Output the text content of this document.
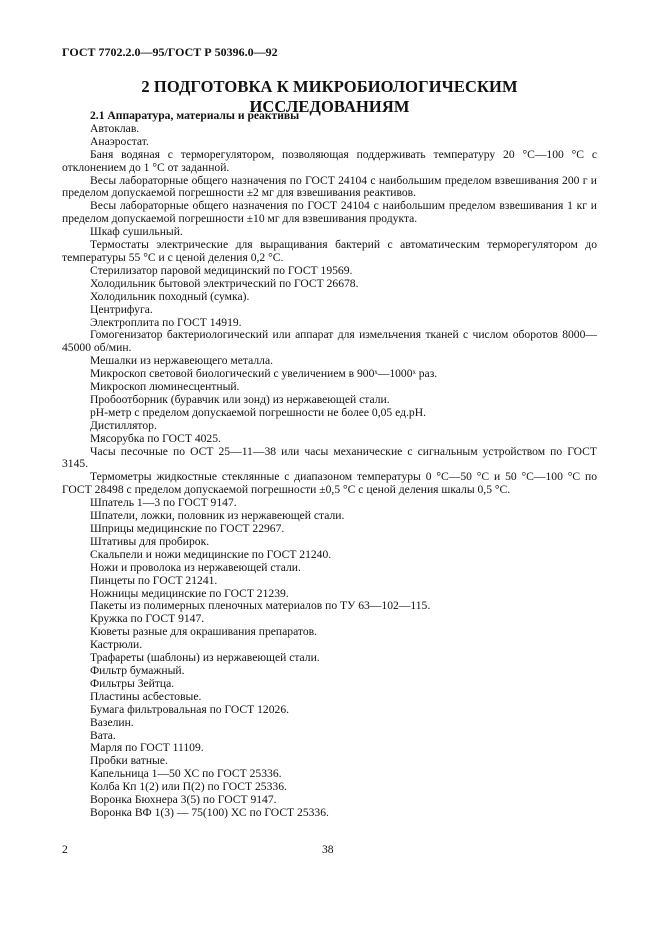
ГОСТ 7702.2.0—95/ГОСТ Р 50396.0—92
2 ПОДГОТОВКА К МИКРОБИОЛОГИЧЕСКИМ ИССЛЕДОВАНИЯМ

2.1 Аппаратура, материалы и реактивы

Автоклав.

Анаэростат.

Баня водяная с терморегулятором, позволяющая поддерживать температуру 20 °С—100 °С с отклонением до 1 °С от заданной.

Весы лабораторные общего назначения по ГОСТ 24104 с наибольшим пределом взвешивания 200 г и пределом допускаемой погрешности ±2 мг для взвешивания реактивов.

Весы лабораторные общего назначения по ГОСТ 24104 с наибольшим пределом взвешивания 1 кг и пределом допускаемой погрешности ±10 мг для взвешивания продукта.

Шкаф сушильный.

Термостаты электрические для выращивания бактерий с автоматическим терморегулятором до температуры 55 °С и с ценой деления 0,2 °С.

Стерилизатор паровой медицинский по ГОСТ 19569.

Холодильник бытовой электрический по ГОСТ 26678.

Холодильник походный (сумка).

Центрифуга.

Электроплита по ГОСТ 14919.

Гомогенизатор бактериологический или аппарат для измельчения тканей с числом оборотов 8000—45000 об/мин.

Мешалки из нержавеющего металла.

Микроскоп световой биологический с увеличением в 900ˣ—1000ˣ раз.

Микроскоп люминесцентный.

Пробоотборник (буравчик или зонд) из нержавеющей стали.

pH-метр с пределом допускаемой погрешности не более 0,05 ед.pH.

Дистиллятор.

Мясорубка по ГОСТ 4025.

Часы песочные по ОСТ 25—11—38 или часы механические с сигнальным устройством по ГОСТ 3145.

Термометры жидкостные стеклянные с диапазоном температуры 0 °С—50 °С и 50 °С—100 °С по ГОСТ 28498 с пределом допускаемой погрешности ±0,5 °С с ценой деления шкалы 0,5 °С.

Шпатель 1—3 по ГОСТ 9147.

Шпатели, ложки, половник из нержавеющей стали.

Шприцы медицинские по ГОСТ 22967.

Штативы для пробирок.

Скальпели и ножи медицинские по ГОСТ 21240.

Ножи и проволока из нержавеющей стали.

Пинцеты по ГОСТ 21241.

Ножницы медицинские по ГОСТ 21239.

Пакеты из полимерных пленочных материалов по ТУ 63—102—115.

Кружка по ГОСТ 9147.

Кюветы разные для окрашивания препаратов.

Кастрюли.

Трафареты (шаблоны) из нержавеющей стали.

Фильтр бумажный.

Фильтры Зейтца.

Пластины асбестовые.

Бумага фильтровальная по ГОСТ 12026.

Вазелин.

Вата.

Марля по ГОСТ 11109.

Пробки ватные.

Капельница 1—50 ХС по ГОСТ 25336.

Колба Кп 1(2) или П(2) по ГОСТ 25336.

Воронка Бюхнера 3(5) по ГОСТ 9147.

Воронка ВФ 1(3) — 75(100) ХС по ГОСТ 25336.

2	38
